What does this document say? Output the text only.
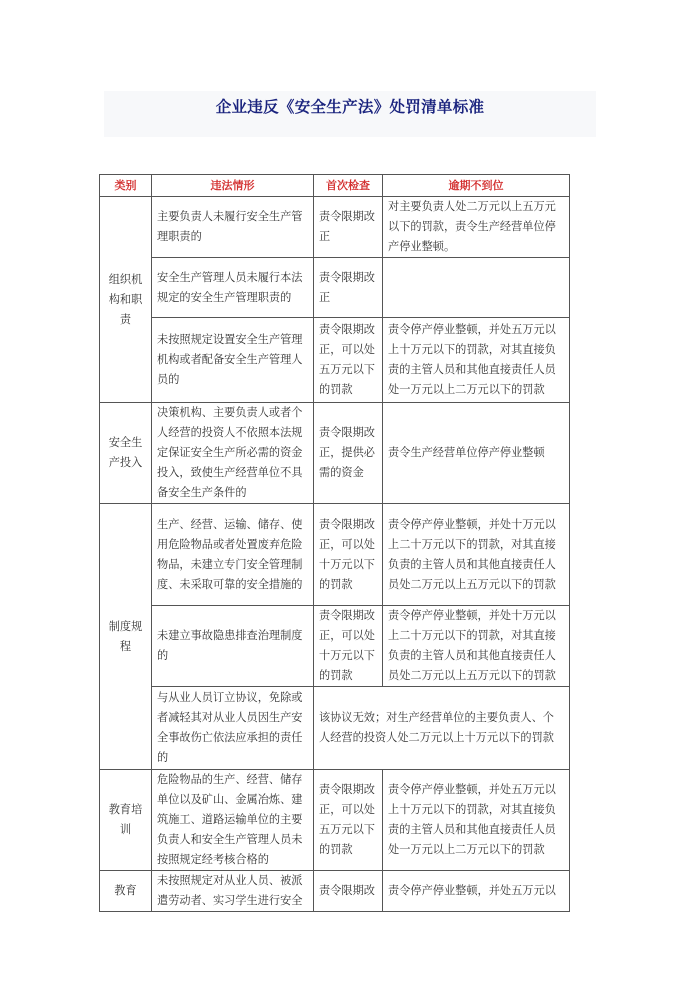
企业违反《安全生产法》处罚清单标准
类别	违法情形	首次检查	逾期不到位
组织机构和职责	主要负责人未履行安全生产管理职责的	责令限期改正	对主要负责人处二万元以上五万元以下的罚款，责令生产经营单位停产停业整顿。
	安全生产管理人员未履行本法规定的安全生产管理职责的	责令限期改正	
	未按照规定设置安全生产管理机构或者配备安全生产管理人员的	责令限期改正，可以处五万元以下的罚款	责令停产停业整顿，并处五万元以上十万元以下的罚款，对其直接负责的主管人员和其他直接责任人员处一万元以上二万元以下的罚款
安全生产投入	决策机构、主要负责人或者个人经营的投资人不依照本法规定保证安全生产所必需的资金投入，致使生产经营单位不具备安全生产条件的	责令限期改正，提供必需的资金	责令生产经营单位停产停业整顿
制度规程	生产、经营、运输、储存、使用危险物品或者处置废弃危险物品，未建立专门安全管理制度、未采取可靠的安全措施的	责令限期改正，可以处十万元以下的罚款	责令停产停业整顿，并处十万元以上二十万元以下的罚款，对其直接负责的主管人员和其他直接责任人员处二万元以上五万元以下的罚款
	未建立事故隐患排查治理制度的	责令限期改正，可以处十万元以下的罚款	责令停产停业整顿，并处十万元以上二十万元以下的罚款，对其直接负责的主管人员和其他直接责任人员处二万元以上五万元以下的罚款
	与从业人员订立协议，免除或者减轻其对从业人员因生产安全事故伤亡依法应承担的责任的	该协议无效；对生产经营单位的主要负责人、个人经营的投资人处二万元以上十万元以下的罚款	
教育培训	危险物品的生产、经营、储存单位以及矿山、金属冶炼、建筑施工、道路运输单位的主要负责人和安全生产管理人员未按照规定经考核合格的	责令限期改正，可以处五万元以下的罚款	责令停产停业整顿，并处五万元以上十万元以下的罚款，对其直接负责的主管人员和其他直接责任人员处一万元以上二万元以下的罚款
教育	未按照规定对从业人员、被派遣劳动者、实习学生进行安全	责令限期改	责令停产停业整顿，并处五万元以
